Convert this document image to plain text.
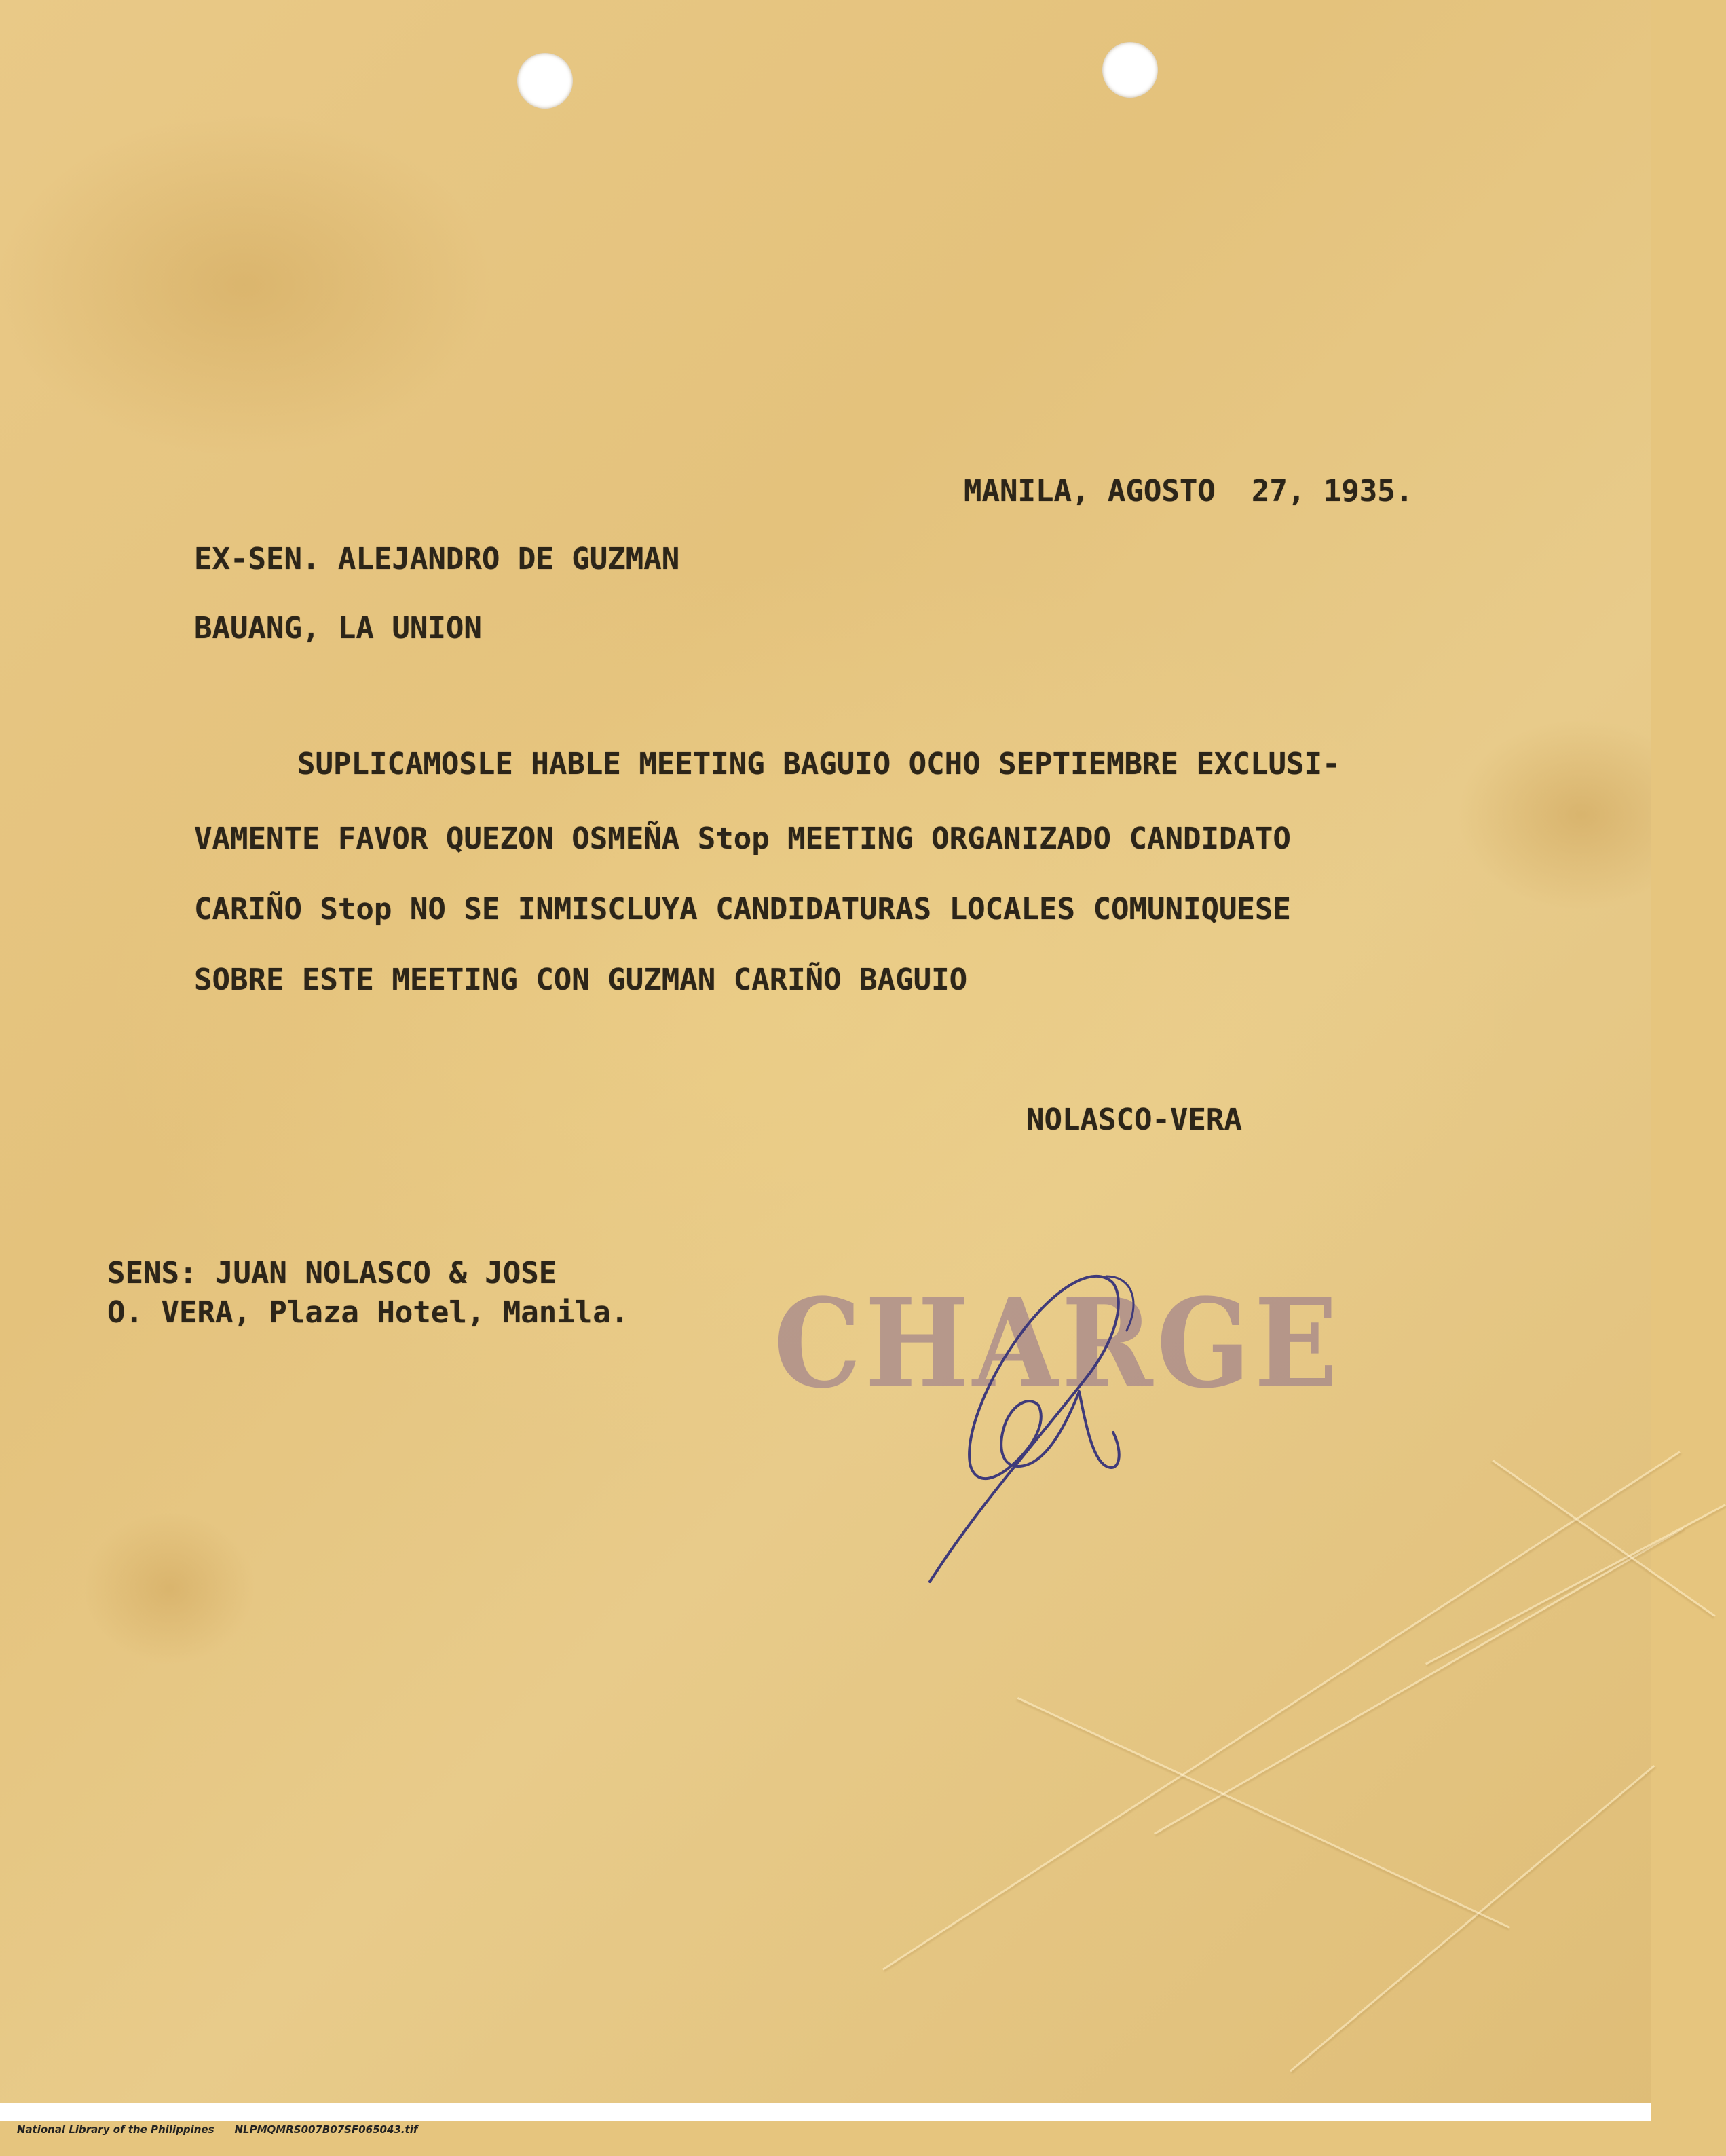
MANILA, AGOSTO  27, 1935.
EX-SEN. ALEJANDRO DE GUZMAN
BAUANG, LA UNION
SUPLICAMOSLE HABLE MEETING BAGUIO OCHO SEPTIEMBRE EXCLUSI-
VAMENTE FAVOR QUEZON OSMEÑA Stop MEETING ORGANIZADO CANDIDATO
CARIÑO Stop NO SE INMISCLUYA CANDIDATURAS LOCALES COMUNIQUESE
SOBRE ESTE MEETING CON GUZMAN CARIÑO BAGUIO
NOLASCO-VERA
SENS: JUAN NOLASCO & JOSE
O. VERA, Plaza Hotel, Manila. CHARGE

National Library of the Philippines NLPMQMRS007B07SF065043.tif
